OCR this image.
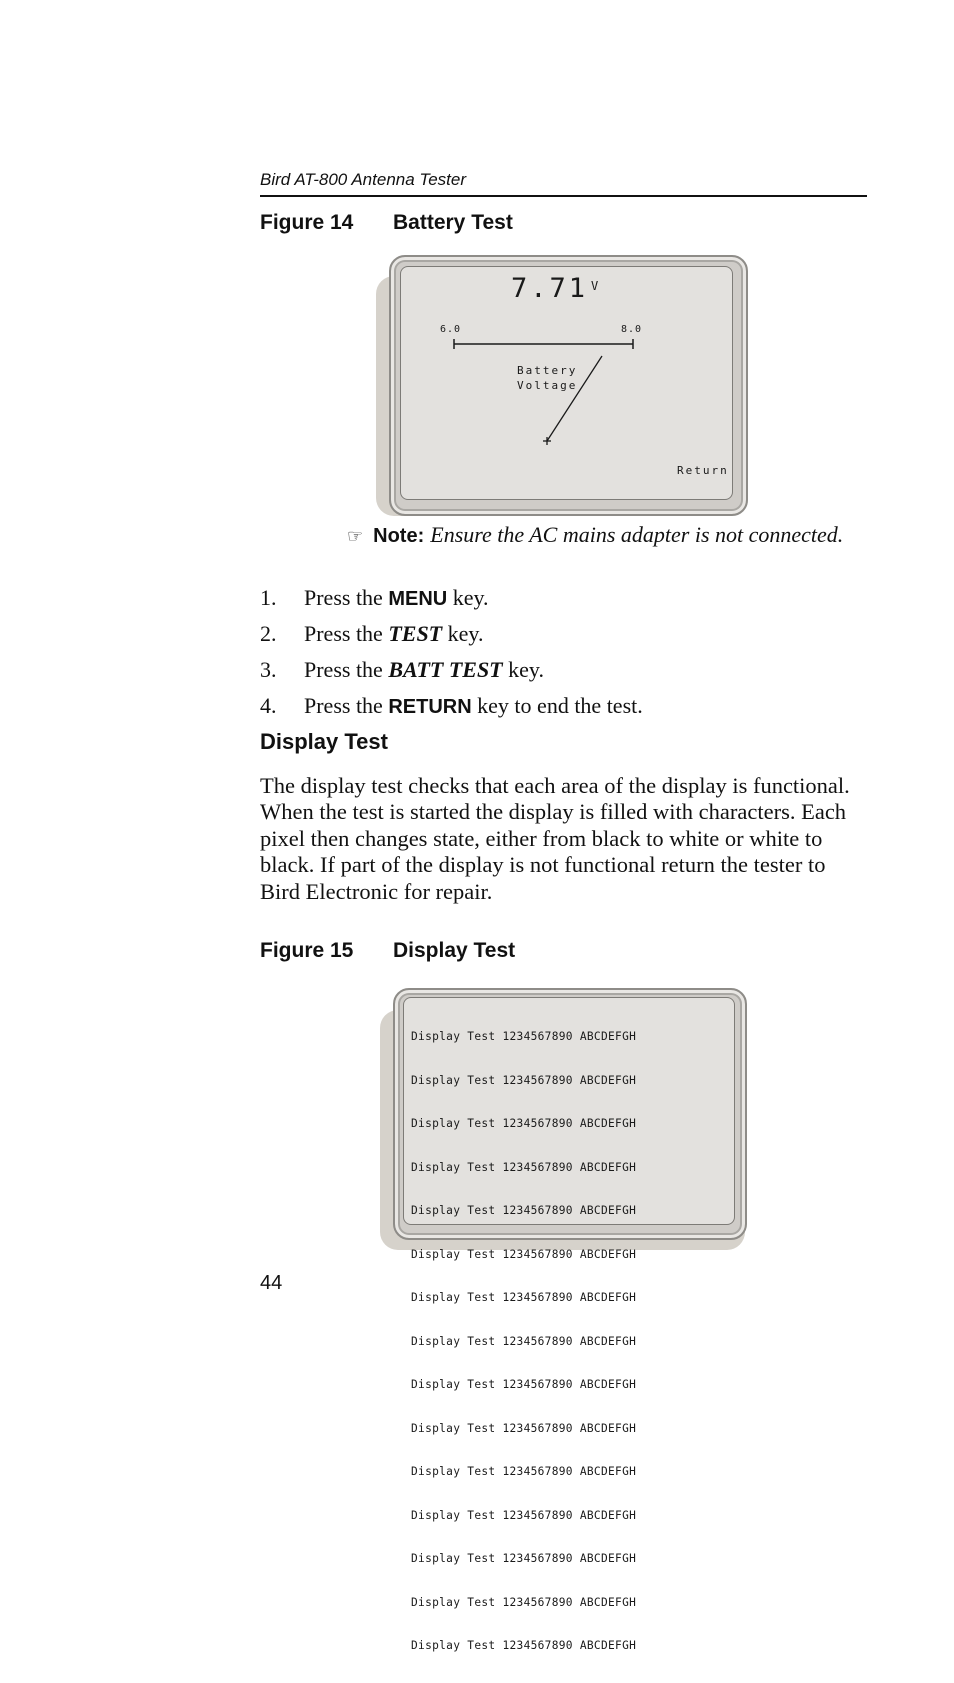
Bird AT-800 Antenna Tester
Figure 14 Battery Test
7.71 V
6.0	8.0
Battery
Voltage
Return
☞ Note: Ensure the AC mains adapter is not connected.
1. Press the MENU key.
2. Press the TEST key.
3. Press the BATT TEST key.
4. Press the RETURN key to end the test.
Display Test
The display test checks that each area of the display is functional. When the test is started the display is filled with characters. Each pixel then changes state, either from black to white or white to black. If part of the display is not functional return the tester to Bird Electronic for repair.
Figure 15 Display Test

Display Test 1234567890 ABCDEFGH

Display Test 1234567890 ABCDEFGH

Display Test 1234567890 ABCDEFGH

Display Test 1234567890 ABCDEFGH

Display Test 1234567890 ABCDEFGH

Display Test 1234567890 ABCDEFGH

Display Test 1234567890 ABCDEFGH

Display Test 1234567890 ABCDEFGH

Display Test 1234567890 ABCDEFGH

Display Test 1234567890 ABCDEFGH

Display Test 1234567890 ABCDEFGH

Display Test 1234567890 ABCDEFGH

Display Test 1234567890 ABCDEFGH

Display Test 1234567890 ABCDEFGH

Display Test 1234567890 ABCDEFGH

44
